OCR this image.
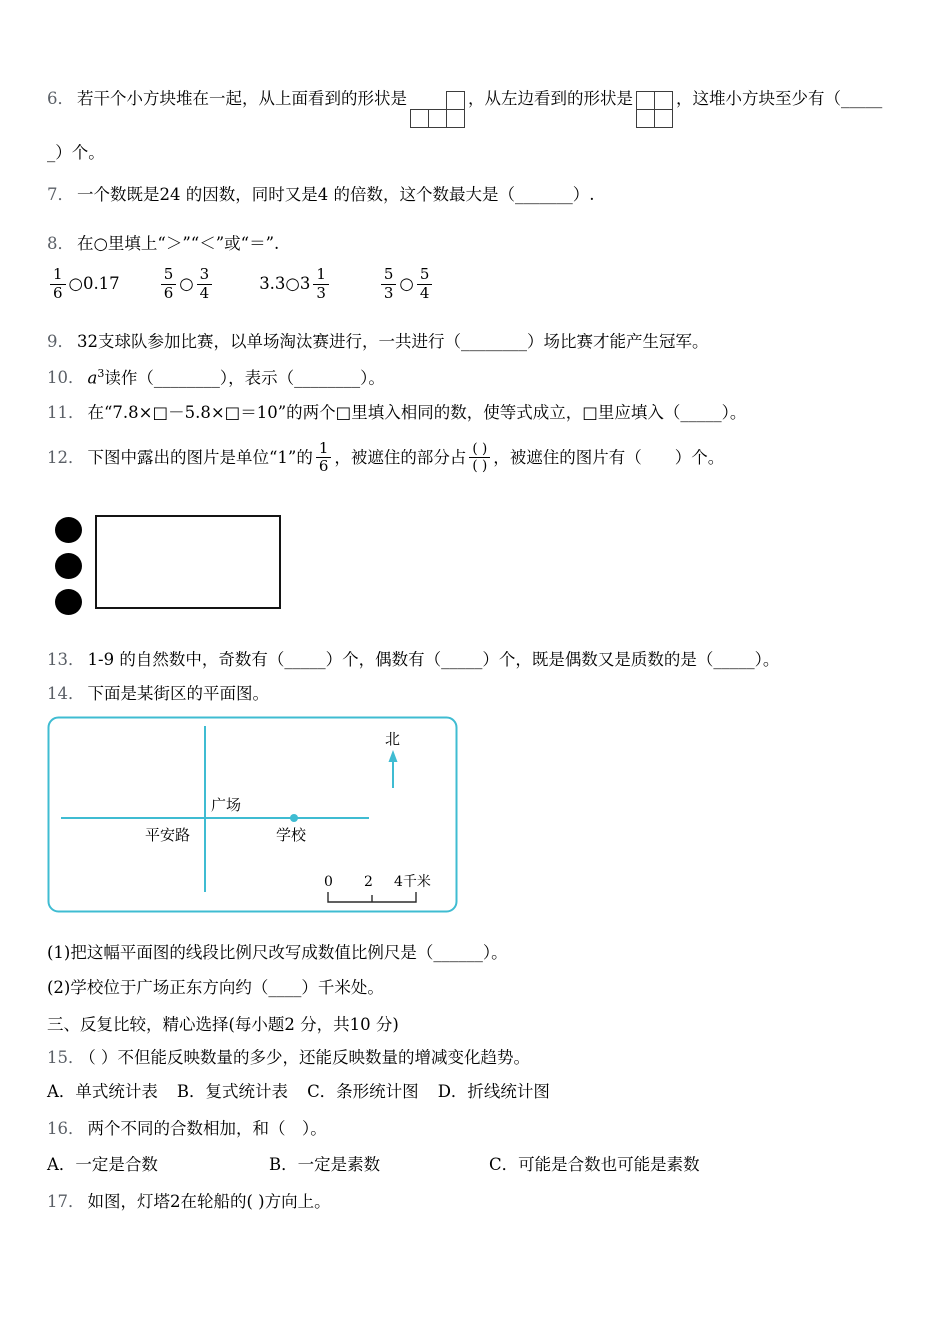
6． 若干个小方块堆在一起，从上面看到的形状是	，从左边看到的形状是	，这堆小方块至少有（_____
_）个。
7． 一个数既是24 的因数，同时又是4 的倍数，这个数最大是（_______）.
8． 在○里填上“＞”“＜”或“＝”.
$\frac{1}{6}$ ○0.17	$\frac{5}{6}$ ○ $\frac{3}{4}$	3.3○3 $\frac{1}{3}$	$\frac{5}{3}$ ○ $\frac{5}{4}$
9． 32支球队参加比赛，以单场淘汰赛进行，一共进行（________）场比赛才能产生冠军。
10． $a^3$读作（________），表示（________）。
11． 在“7.8×□－5.8×□＝10”的两个□里填入相同的数，使等式成立，□里应填入（_____）。
12． 下图中露出的图片是单位“1”的 $\frac{1}{6}$ ，被遮住的部分占 $\frac{( )}{( )}$ ，被遮住的图片有（　　）个。
13． 1-9 的自然数中，奇数有（_____）个，偶数有（_____）个，既是偶数又是质数的是（_____）。
14． 下面是某街区的平面图。
广场
平安路	学校
北
0 2 4千米
(1)把这幅平面图的线段比例尺改写成数值比例尺是（______）。
(2)学校位于广场正东方向约（____）千米处。
三、反复比较，精心选择(每小题2 分，共10 分)
15． （ ）不但能反映数量的多少，还能反映数量的增减变化趋势。
A．单式统计表 B．复式统计表 C．条形统计图 D．折线统计图
16． 两个不同的合数相加，和（　）。
A．一定是合数	B．一定是素数	C．可能是合数也可能是素数
17． 如图，灯塔2在轮船的( )方向上。
